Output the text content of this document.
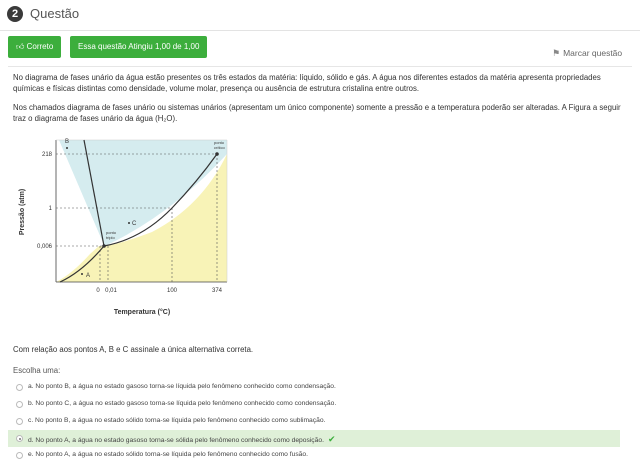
2 Questão
👍︎ Correto	Essa questão Atingiu 1,00 de 1,00
⚑ Marcar questão
No diagrama de fases unário da água estão presentes os três estados da matéria: líquido, sólido e gás. A água nos diferentes estados da matéria apresenta propriedades químicas e físicas distintas como densidade, volume molar, presença ou ausência de estrutura cristalina entre outros.
Nos chamados diagrama de fases unário ou sistemas unários (apresentam um único componente) somente a pressão e a temperatura poderão ser alteradas. A Figura a seguir traz o diagrama de fases unário da água (H₂O).
A
B
C
ponto
triplo
ponto
crítico
218
1
0,006
0 0,01	100	374
Temperatura (°C)
Pressão (atm)
Com relação aos pontos A, B e C assinale a única alternativa correta.
Escolha uma:
a. No ponto B, a água no estado gasoso torna-se líquida pelo fenômeno conhecido como condensação.
b. No ponto C, a água no estado gasoso torna-se líquida pelo fenômeno conhecido como condensação.
c. No ponto B, a água no estado sólido torna-se líquida pelo fenômeno conhecido como sublimação.
d. No ponto A, a água no estado gasoso torna-se sólida pelo fenômeno conhecido como deposição. ✔
e. No ponto A, a água no estado sólido torna-se líquida pelo fenômeno conhecido como fusão.
